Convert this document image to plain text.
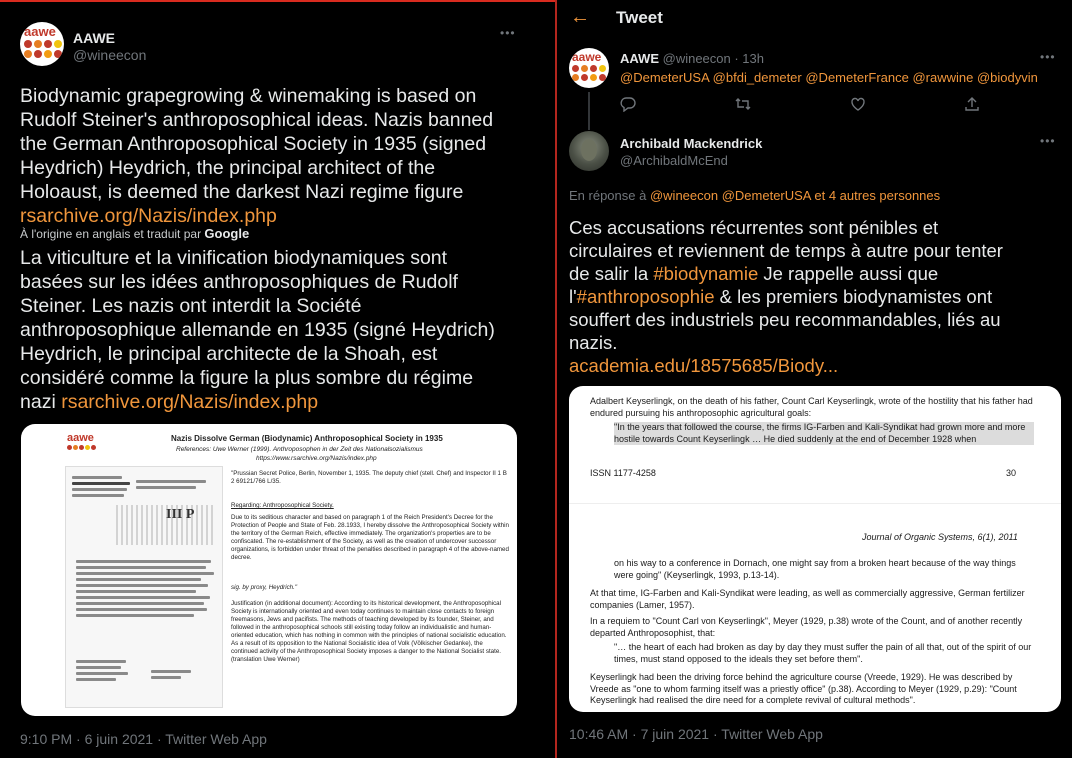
aawe AAWE
@wineecon
•••
Biodynamic grapegrowing & winemaking is based on
Rudolf Steiner's anthroposophical ideas. Nazis banned
the German Anthroposophical Society in 1935 (signed
Heydrich) Heydrich, the principal architect of the
Holoaust, is deemed the darkest Nazi regime figure
rsarchive.org/Nazis/index.php
À l'origine en anglais et traduit par Google
La viticulture et la vinification biodynamiques sont
basées sur les idées anthroposophiques de Rudolf
Steiner. Les nazis ont interdit la Société
anthroposophique allemande en 1935 (signé Heydrich)
Heydrich, le principal architecte de la Shoah, est
considéré comme la figure la plus sombre du régime
nazi rsarchive.org/Nazis/index.php
aawe	Nazis Dissolve German (Biodynamic) Anthroposophical Society in 1935
References: Uwe Werner (1999). Anthroposophen in der Zeit des Nationalsozialismus
https://www.rsarchive.org/Nazis/index.php
III P
"Prussian Secret Police, Berlin, November 1, 1935. The deputy chief (stell. Chef) and Inspector II 1 B 2 69121/766 L/35.
Regarding: Anthroposophical Society.
Due to its seditious character and based on paragraph 1 of the Reich President's Decree for the Protection of People and State of Feb. 28.1933, I hereby dissolve the Anthroposophical Society within the territory of the German Reich, effective immediately. The organization's properties are to be confiscated. The re-establishment of the Society, as well as the creation of undercover successor organizations, is forbidden under threat of the penalties described in paragraph 4 of the above-named decree.
sig. by proxy, Heydrich."
Justification (in additional document): According to its historical development, the Anthroposophical Society is internationally oriented and even today continues to maintain close contacts to foreign freemasons, Jews and pacifists. The methods of teaching developed by its founder, Steiner, and followed in the anthroposophical schools still existing today follow an individualistic and human-oriented education, which has nothing in common with the principles of national socialistic education. As a result of its opposition to the National Socialistic idea of Volk (Völkischer Gedanke), the continued activity of the Anthroposophical Society imposes a danger to the National Socialist state. (translation Uwe Werner)
9:10 PM · 6 juin 2021 · Twitter Web App
← Tweet
aawe AAWE @wineecon · 13h	•••
@DemeterUSA @bfdi_demeter @DemeterFrance @rawwine @biodyvin
Archibald Mackendrick
@ArchibaldMcEnd
•••
En réponse à @wineecon @DemeterUSA et 4 autres personnes
Ces accusations récurrentes sont pénibles et
circulaires et reviennent de temps à autre pour tenter
de salir la #biodynamie Je rappelle aussi que
l'#anthroposophie & les premiers biodynamistes ont
souffert des industriels peu recommandables, liés au
nazis.
academia.edu/18575685/Biody...
Adalbert Keyserlingk, on the death of his father, Count Carl Keyserlingk, wrote of the hostility that his father had endured pursuing his anthroposophic agricultural goals:
"In the years that followed the course, the firms IG-Farben and Kali-Syndikat had grown more and more hostile towards Count Keyserlingk … He died suddenly at the end of December 1928 when
ISSN 1177-4258	30
Journal of Organic Systems, 6(1), 2011
on his way to a conference in Dornach, one might say from a broken heart because of the way things were going" (Keyserlingk, 1993, p.13-14).
At that time, IG-Farben and Kali-Syndikat were leading, as well as commercially aggressive, German fertilizer companies (Lamer, 1957).
In a requiem to "Count Carl von Keyserlingk", Meyer (1929, p.38) wrote of the Count, and of another recently departed Anthroposophist, that:
"… the heart of each had broken as day by day they must suffer the pain of all that, out of the spirit of our times, must stand opposed to the ideals they set before them".
Keyserlingk had been the driving force behind the agriculture course (Vreede, 1929). He was described by Vreede as "one to whom farming itself was a priestly office" (p.38). According to Meyer (1929, p.29): "Count Keyserlingk had realised the dire need for a complete revival of cultural methods".
10:46 AM · 7 juin 2021 · Twitter Web App
